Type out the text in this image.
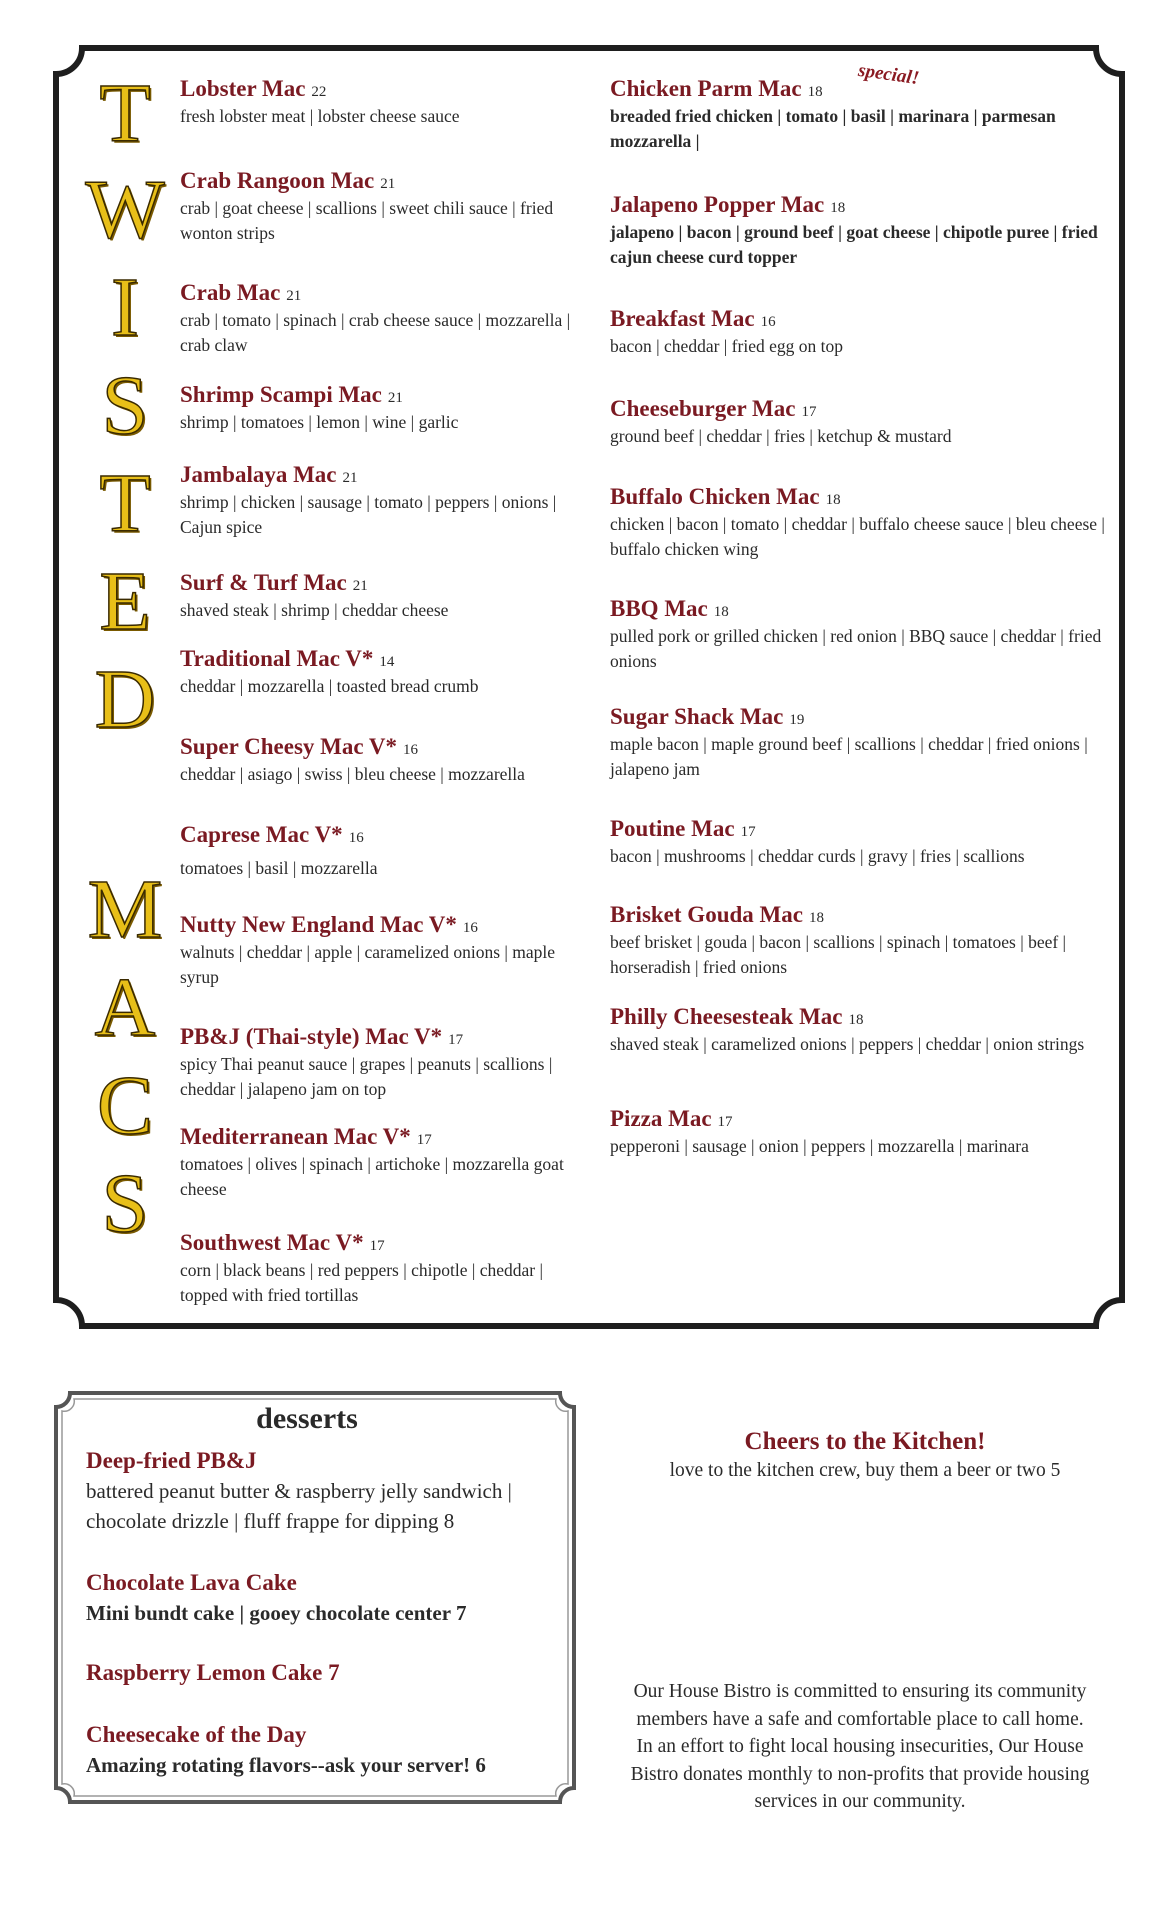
T
W
I
S
T
E
D
M
A
C
S
Lobster Mac 22
fresh lobster meat | lobster cheese sauce
Crab Rangoon Mac 21
crab | goat cheese | scallions | sweet chili sauce | fried wonton strips
Crab Mac 21
crab | tomato | spinach | crab cheese sauce | mozzarella | crab claw
Shrimp Scampi Mac 21
shrimp | tomatoes | lemon | wine | garlic
Jambalaya Mac 21
shrimp | chicken | sausage | tomato | peppers | onions | Cajun spice
Surf & Turf Mac 21
shaved steak | shrimp | cheddar cheese
Traditional Mac V* 14
cheddar | mozzarella | toasted bread crumb
Super Cheesy Mac V* 16
cheddar | asiago | swiss | bleu cheese | mozzarella
Caprese Mac V* 16
tomatoes | basil | mozzarella
Nutty New England Mac V* 16
walnuts | cheddar | apple | caramelized onions | maple syrup
PB&J (Thai-style) Mac V* 17
spicy Thai peanut sauce | grapes | peanuts | scallions | cheddar | jalapeno jam on top
Mediterranean Mac V* 17
tomatoes | olives | spinach | artichoke | mozzarella goat cheese
Southwest Mac V* 17
corn | black beans | red peppers | chipotle | cheddar | topped with fried tortillas
special!
Chicken Parm Mac 18
breaded fried chicken | tomato | basil | marinara | parmesan mozzarella |
Jalapeno Popper Mac 18
jalapeno | bacon | ground beef | goat cheese | chipotle puree | fried cajun cheese curd topper
Breakfast Mac 16
bacon | cheddar | fried egg on top
Cheeseburger Mac 17
ground beef | cheddar | fries | ketchup & mustard
Buffalo Chicken Mac 18
chicken | bacon | tomato | cheddar | buffalo cheese sauce | bleu cheese | buffalo chicken wing
BBQ Mac 18
pulled pork or grilled chicken | red onion | BBQ sauce | cheddar | fried onions
Sugar Shack Mac 19
maple bacon | maple ground beef | scallions | cheddar | fried onions | jalapeno jam
Poutine Mac 17
bacon | mushrooms | cheddar curds | gravy | fries | scallions
Brisket Gouda Mac 18
beef brisket | gouda | bacon | scallions | spinach | tomatoes | beef | horseradish | fried onions
Philly Cheesesteak Mac 18
shaved steak | caramelized onions | peppers | cheddar | onion strings
Pizza Mac 17
pepperoni | sausage | onion | peppers | mozzarella | marinara
desserts
Deep-fried PB&J
battered peanut butter & raspberry jelly sandwich | chocolate drizzle | fluff frappe for dipping 8
Chocolate Lava Cake
Mini bundt cake | gooey chocolate center 7
Raspberry Lemon Cake 7
Cheesecake of the Day
Amazing rotating flavors--ask your server! 6
Cheers to the Kitchen!
love to the kitchen crew, buy them a beer or two 5
Our House Bistro is committed to ensuring its community members have a safe and comfortable place to call home. In an effort to fight local housing insecurities, Our House Bistro donates monthly to non-profits that provide housing services in our community.
